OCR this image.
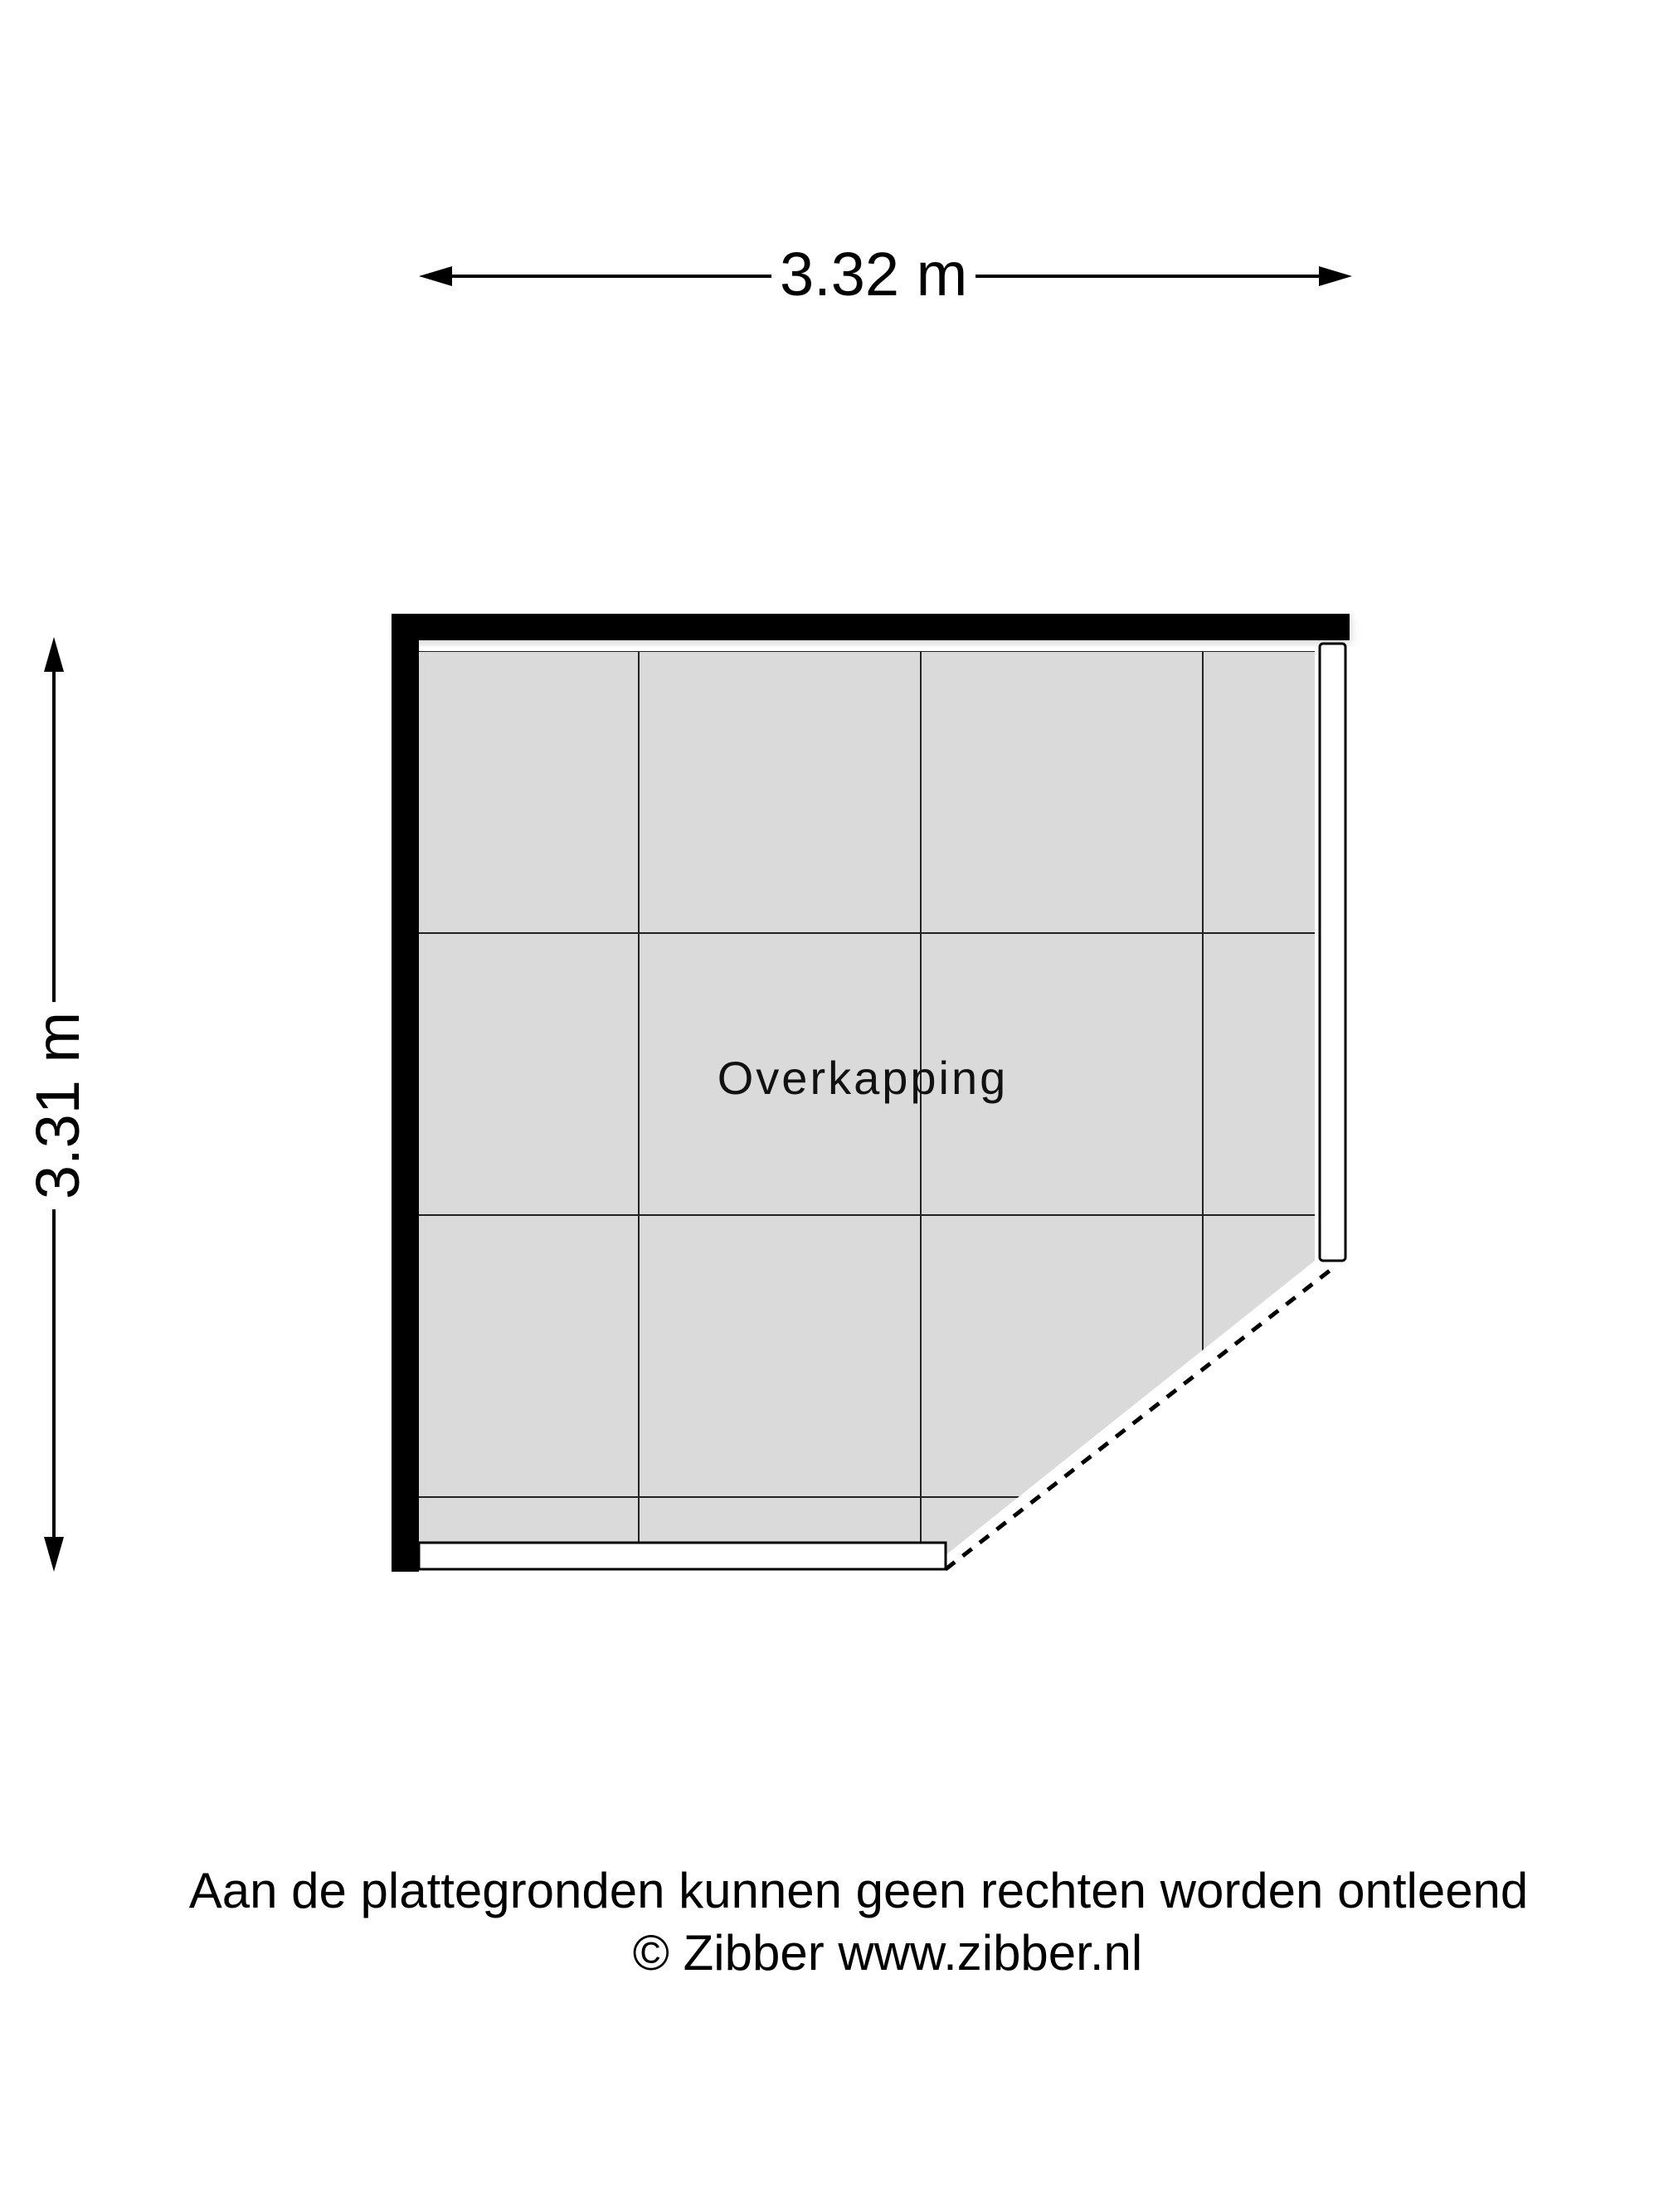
3.32 m
3.31 m	Overkapping
Aan de plattegronden kunnen geen rechten worden ontleend
© Zibber www.zibber.nl
